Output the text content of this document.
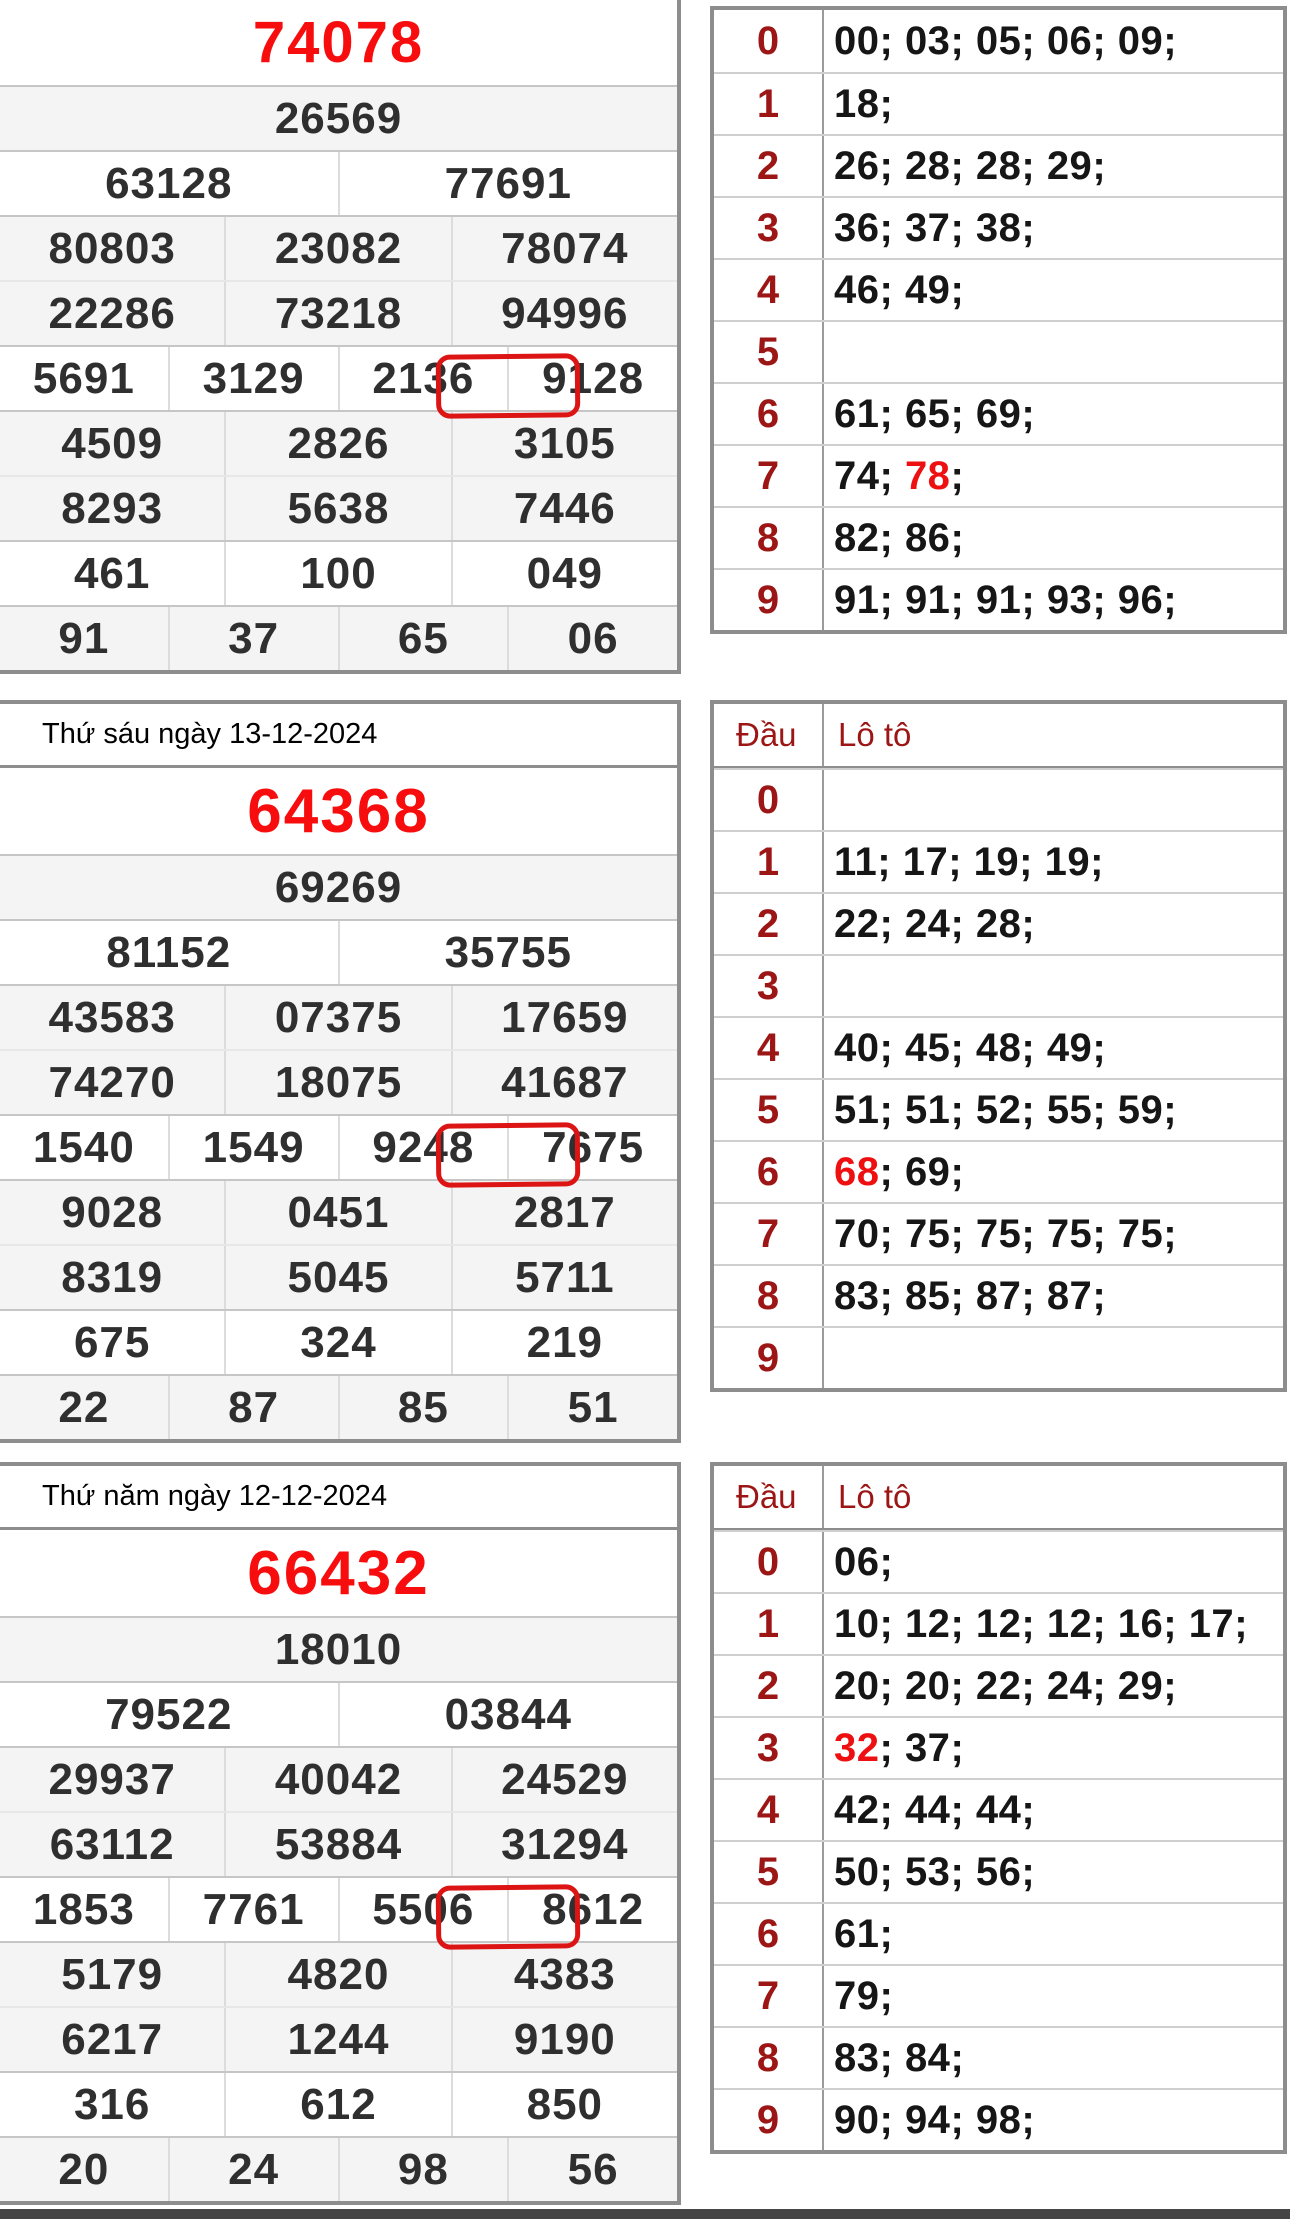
74078
26569
63128	77691
80803	23082	78074
22286	73218	94996
5691	3129	2136	9128
4509	2826	3105
8293	5638	7446
461	100	049
91	37	65	06
0	00 ; 03 ; 05 ; 06 ; 09 ;
1	18 ;
2	26 ; 28 ; 28 ; 29 ;
3	36 ; 37 ; 38 ;
4	46 ; 49 ;
5
6	61 ; 65 ; 69 ;
7	74 ; 78 ;
8	82 ; 86 ;
9	91 ; 91 ; 91 ; 93 ; 96 ;
Thứ sáu ngày 13-12-2024
64368
69269
81152	35755
43583	07375	17659
74270	18075	41687
1540	1549	9248	7675
9028	0451	2817
8319	5045	5711
675	324	219
22	87	85	51
Đầu	Lô tô
0
1	11 ; 17 ; 19 ; 19 ;
2	22 ; 24 ; 28 ;
3
4	40 ; 45 ; 48 ; 49 ;
5	51 ; 51 ; 52 ; 55 ; 59 ;
6	68 ; 69 ;
7	70 ; 75 ; 75 ; 75 ; 75 ;
8	83 ; 85 ; 87 ; 87 ;
9
Thứ năm ngày 12-12-2024
66432
18010
79522	03844
29937	40042	24529
63112	53884	31294
1853	7761	5506	8612
5179	4820	4383
6217	1244	9190
316	612	850
20	24	98	56
Đầu	Lô tô
0	06 ;
1	10 ; 12 ; 12 ; 12 ; 16 ; 17 ;
2	20 ; 20 ; 22 ; 24 ; 29 ;
3	32 ; 37 ;
4	42 ; 44 ; 44 ;
5	50 ; 53 ; 56 ;
6	61 ;
7	79 ;
8	83 ; 84 ;
9	90 ; 94 ; 98 ;
